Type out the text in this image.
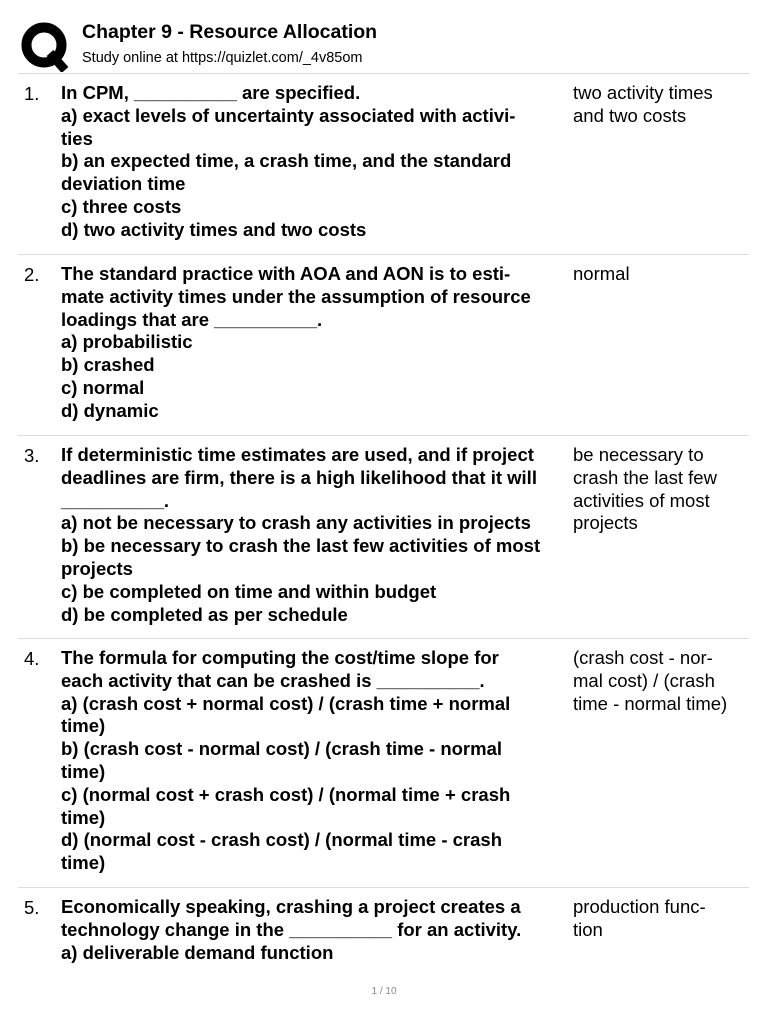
Chapter 9 - Resource Allocation
Study online at https://quizlet.com/_4v85om
1. In CPM, __________ are specified.
a) exact levels of uncertainty associated with activi-
ties
b) an expected time, a crash time, and the standard
deviation time
c) three costs
d) two activity times and two costs
two activity times
and two costs
2. The standard practice with AOA and AON is to esti-
mate activity times under the assumption of resource
loadings that are __________.
a) probabilistic
b) crashed
c) normal
d) dynamic
normal
3. If deterministic time estimates are used, and if project
deadlines are firm, there is a high likelihood that it will
__________.
a) not be necessary to crash any activities in projects
b) be necessary to crash the last few activities of most
projects
c) be completed on time and within budget
d) be completed as per schedule
be necessary to
crash the last few
activities of most
projects
4. The formula for computing the cost/time slope for
each activity that can be crashed is __________.
a) (crash cost + normal cost) / (crash time + normal
time)
b) (crash cost - normal cost) / (crash time - normal
time)
c) (normal cost + crash cost) / (normal time + crash
time)
d) (normal cost - crash cost) / (normal time - crash
time)
(crash cost - nor-
mal cost) / (crash
time - normal time)
5. Economically speaking, crashing a project creates a
technology change in the __________ for an activity.
a) deliverable demand function
production func-
tion
1 / 10
